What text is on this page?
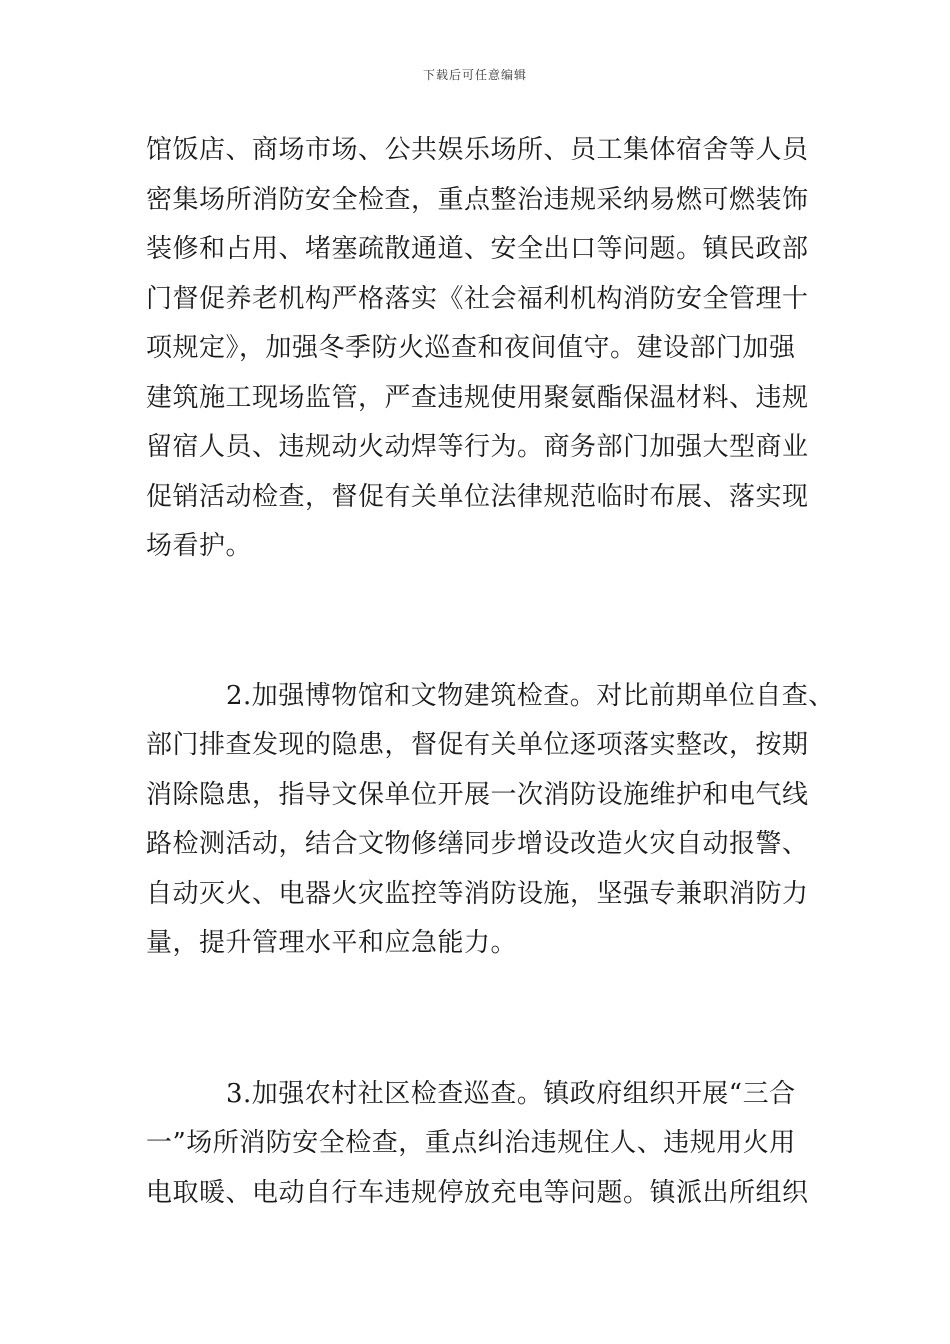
下载后可任意编辑
馆饭店、商场市场、公共娱乐场所、员工集体宿舍等人员
密集场所消防安全检查，重点整治违规采纳易燃可燃装饰
装修和占用、堵塞疏散通道、安全出口等问题。镇民政部
门督促养老机构严格落实《社会福利机构消防安全管理十
项规定》，加强冬季防火巡查和夜间值守。建设部门加强
建筑施工现场监管，严查违规使用聚氨酯保温材料、违规
留宿人员、违规动火动焊等行为。商务部门加强大型商业
促销活动检查，督促有关单位法律规范临时布展、落实现
场看护。
2.加强博物馆和文物建筑检查。对比前期单位自查、
部门排查发现的隐患，督促有关单位逐项落实整改，按期
消除隐患，指导文保单位开展一次消防设施维护和电气线
路检测活动，结合文物修缮同步增设改造火灾自动报警、
自动灭火、电器火灾监控等消防设施，坚强专兼职消防力
量，提升管理水平和应急能力。
3.加强农村社区检查巡查。镇政府组织开展“三合
一”场所消防安全检查，重点纠治违规住人、违规用火用
电取暖、电动自行车违规停放充电等问题。镇派出所组织
